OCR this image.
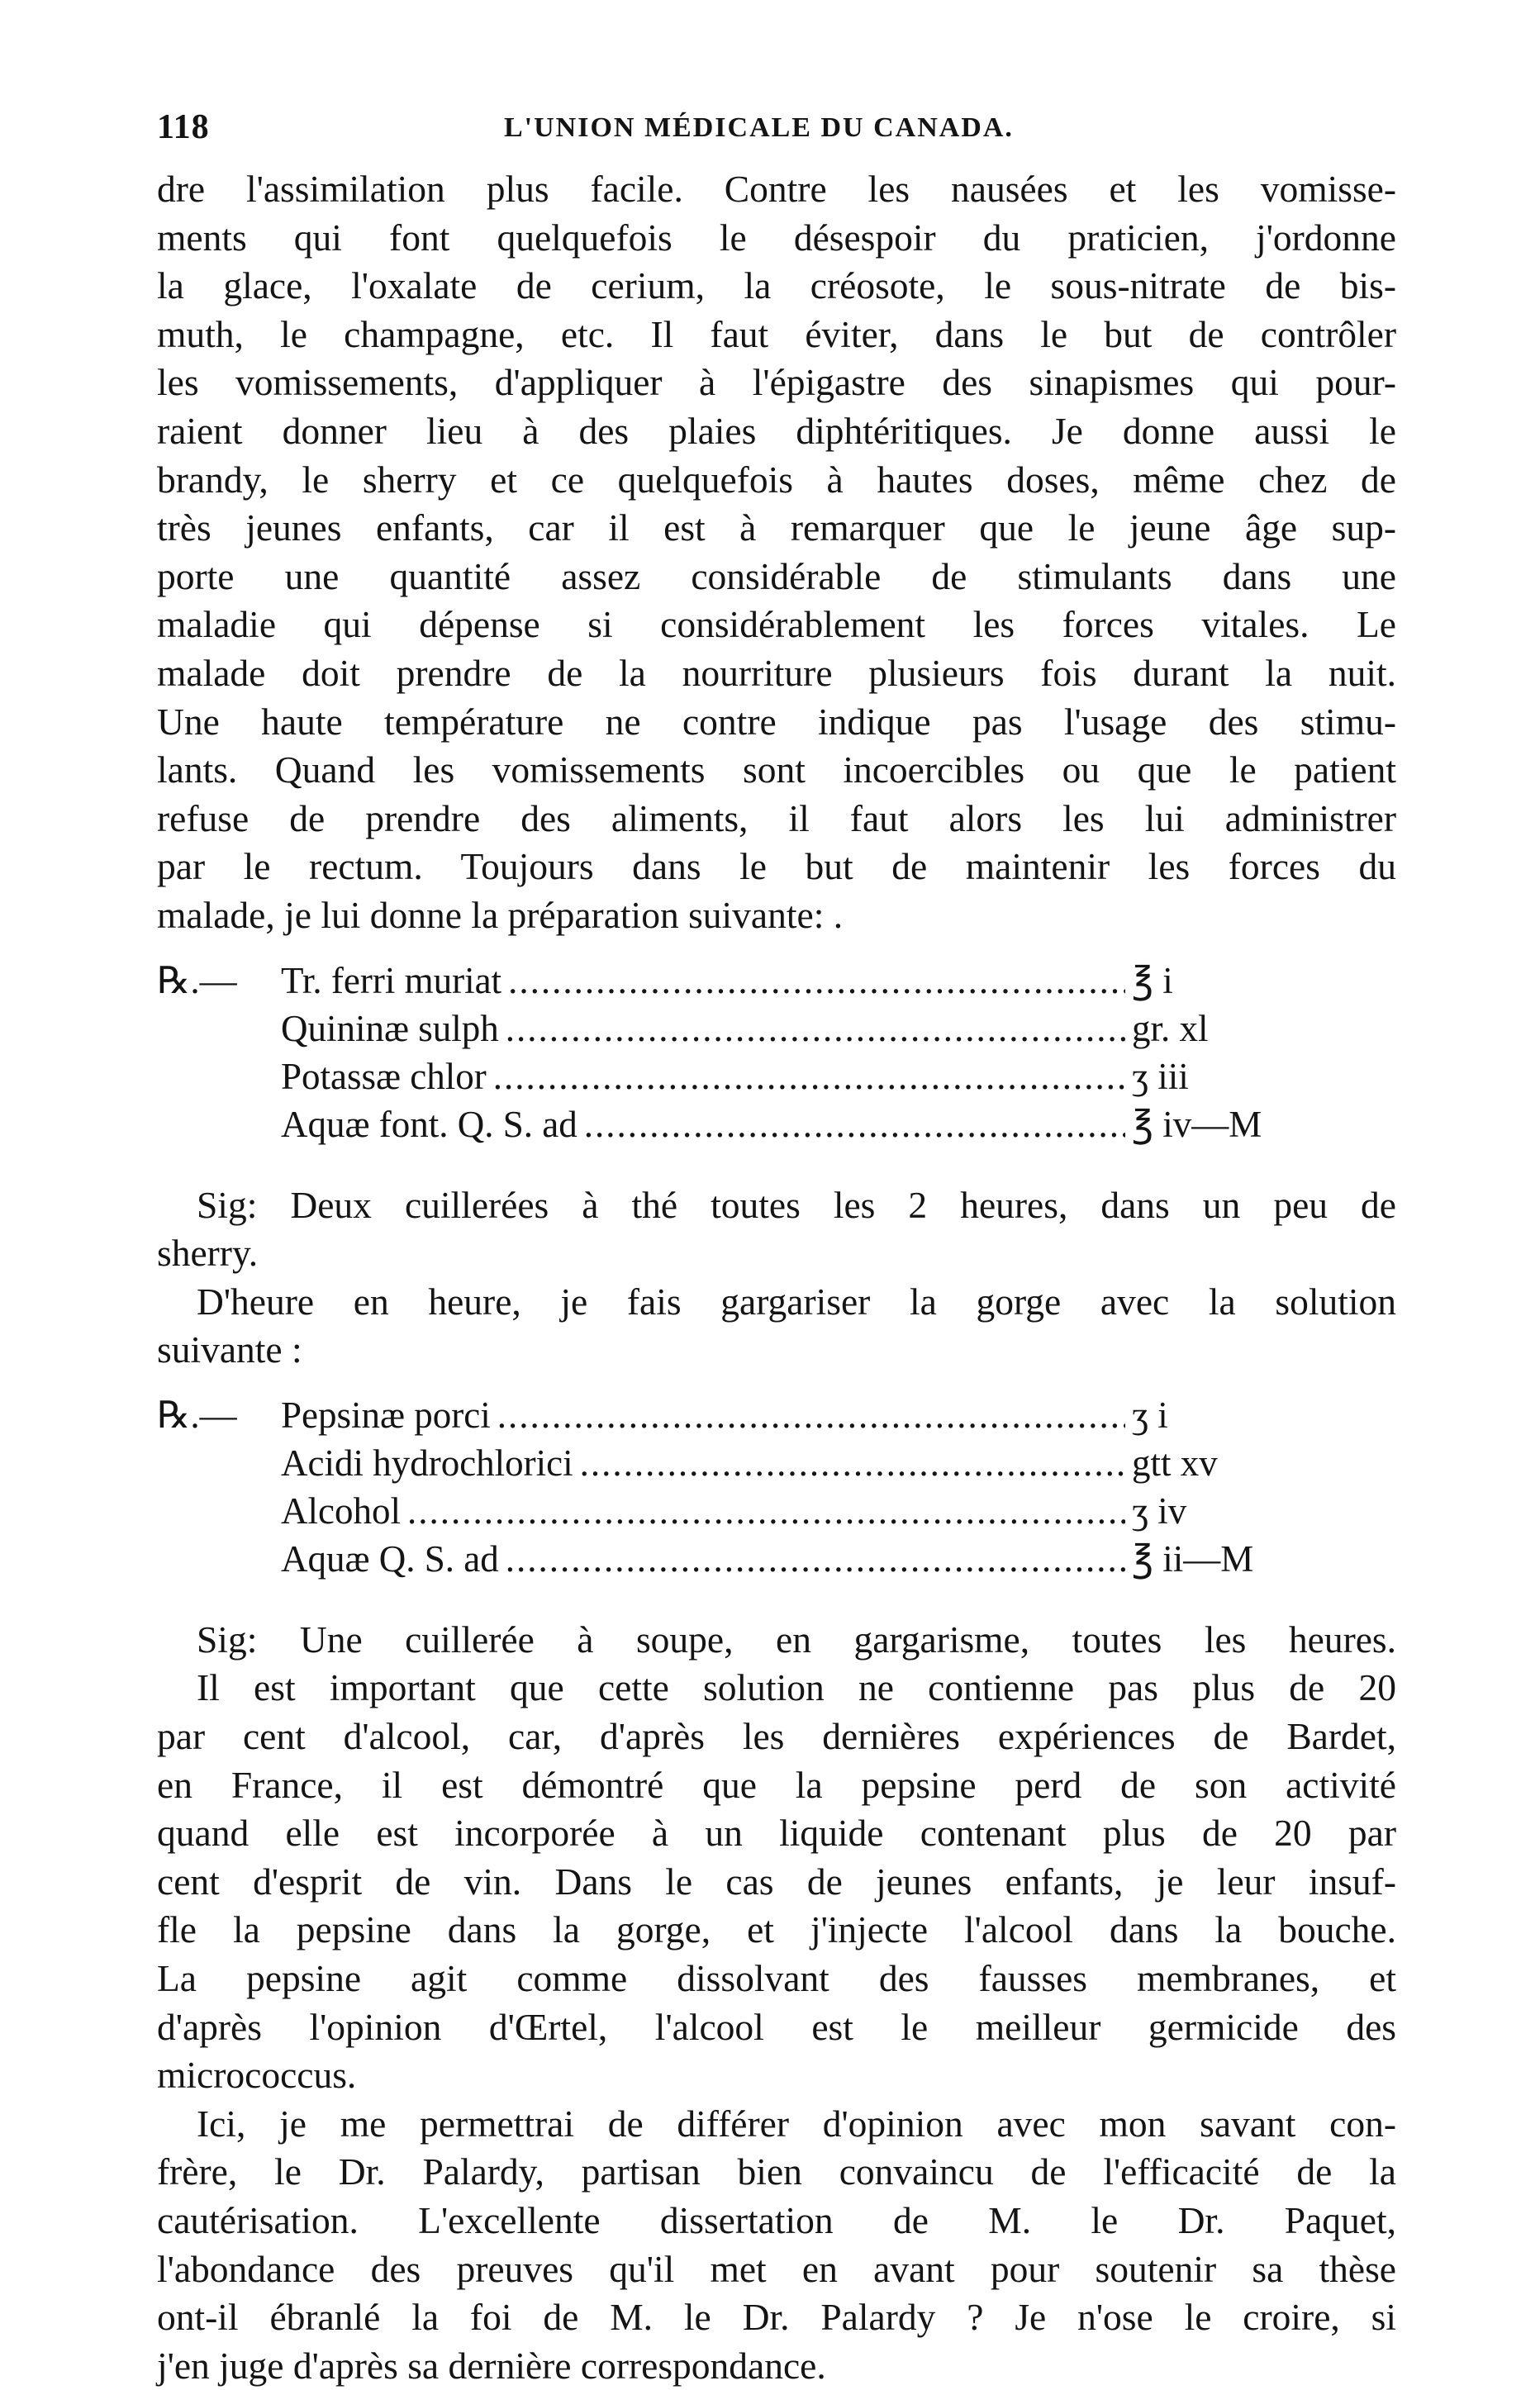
118	L'UNION MÉDICALE DU CANADA.
dre l'assimilation plus facile. Contre les nausées et les vomisse-
ments qui font quelquefois le désespoir du praticien, j'ordonne
la glace, l'oxalate de cerium, la créosote, le sous-nitrate de bis-
muth, le champagne, etc. Il faut éviter, dans le but de contrôler
les vomissements, d'appliquer à l'épigastre des sinapismes qui pour-
raient donner lieu à des plaies diphtéritiques. Je donne aussi le
brandy, le sherry et ce quelquefois à hautes doses, même chez de
très jeunes enfants, car il est à remarquer que le jeune âge sup-
porte une quantité assez considérable de stimulants dans une
maladie qui dépense si considérablement les forces vitales. Le
malade doit prendre de la nourriture plusieurs fois durant la nuit.
Une haute température ne contre indique pas l'usage des stimu-
lants. Quand les vomissements sont incoercibles ou que le patient
refuse de prendre des aliments, il faut alors les lui administrer
par le rectum. Toujours dans le but de maintenir les forces du
malade, je lui donne la préparation suivante: .
℞.—	Tr. ferri muriat .....	℥ i
Quininæ sulph .....	gr. xl
Potassæ chlor .....	ʒ iii
Aquæ font. Q. S. ad .....	℥ iv—M
Sig: Deux cuillerées à thé toutes les 2 heures, dans un peu de
sherry.
D'heure en heure, je fais gargariser la gorge avec la solution
suivante :
℞.—	Pepsinæ porci .....	ʒ i
Acidi hydrochlorici .....	gtt xv
Alcohol .....	ʒ iv
Aquæ Q. S. ad .....	℥ ii—M
Sig: Une cuillerée à soupe, en gargarisme, toutes les heures.
Il est important que cette solution ne contienne pas plus de 20
par cent d'alcool, car, d'après les dernières expériences de Bardet,
en France, il est démontré que la pepsine perd de son activité
quand elle est incorporée à un liquide contenant plus de 20 par
cent d'esprit de vin. Dans le cas de jeunes enfants, je leur insuf-
fle la pepsine dans la gorge, et j'injecte l'alcool dans la bouche.
La pepsine agit comme dissolvant des fausses membranes, et
d'après l'opinion d'Œrtel, l'alcool est le meilleur germicide des
micrococcus.
Ici, je me permettrai de différer d'opinion avec mon savant con-
frère, le Dr. Palardy, partisan bien convaincu de l'efficacité de la
cautérisation. L'excellente dissertation de M. le Dr. Paquet,
l'abondance des preuves qu'il met en avant pour soutenir sa thèse
ont-il ébranlé la foi de M. le Dr. Palardy ? Je n'ose le croire, si
j'en juge d'après sa dernière correspondance.
